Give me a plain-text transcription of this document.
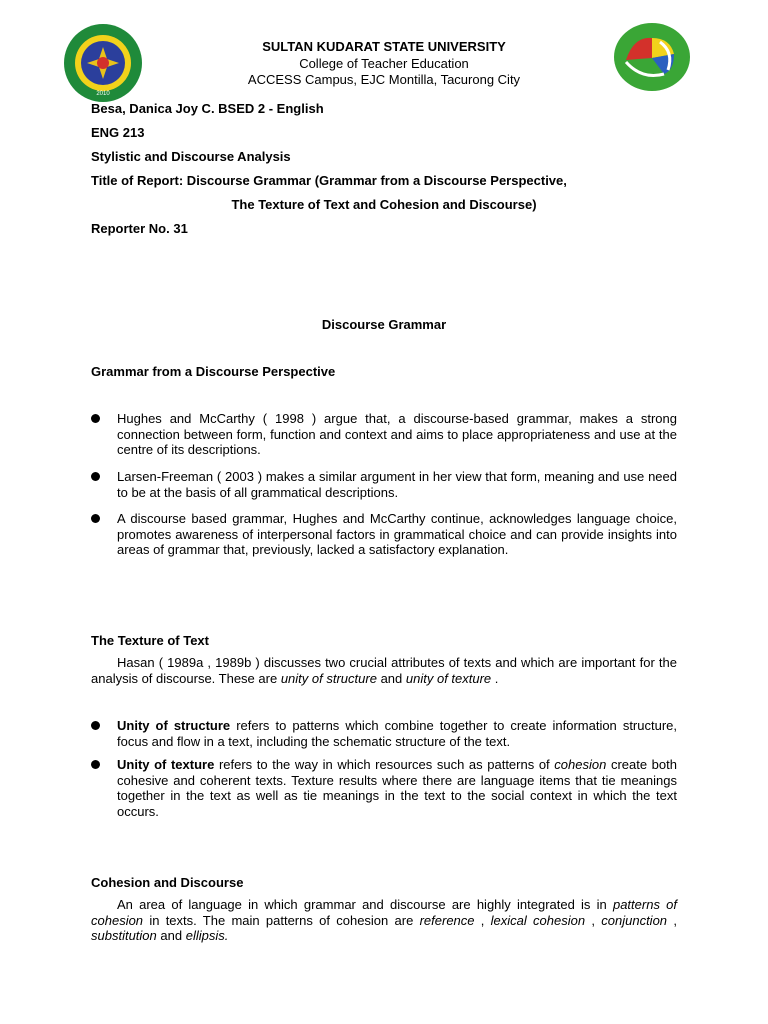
2010
SULTAN KUDARAT STATE UNIVERSITY
College of Teacher Education
ACCESS Campus, EJC Montilla, Tacurong City
Besa, Danica Joy C. BSED 2 - English
ENG 213
Stylistic and Discourse Analysis
Title of Report: Discourse Grammar (Grammar from a Discourse Perspective,
The Texture of Text and Cohesion and Discourse)
Reporter No. 31
Discourse Grammar
Grammar from a Discourse Perspective
Hughes and McCarthy ( 1998 ) argue that, a discourse-based grammar, makes a strong connection between form, function and context and aims to place appropriateness and use at the centre of its descriptions.
Larsen-Freeman ( 2003 ) makes a similar argument in her view that form, meaning and use need to be at the basis of all grammatical descriptions.
A discourse based grammar, Hughes and McCarthy continue, acknowledges language choice, promotes awareness of interpersonal factors in grammatical choice and can provide insights into areas of grammar that, previously, lacked a satisfactory explanation.
The Texture of Text
Hasan ( 1989a , 1989b ) discusses two crucial attributes of texts and which are important for the analysis of discourse. These are unity of structure and unity of texture .
Unity of structure refers to patterns which combine together to create information structure, focus and flow in a text, including the schematic structure of the text.
Unity of texture refers to the way in which resources such as patterns of cohesion create both cohesive and coherent texts. Texture results where there are language items that tie meanings together in the text as well as tie meanings in the text to the social context in which the text occurs.
Cohesion and Discourse
An area of language in which grammar and discourse are highly integrated is in patterns of cohesion in texts. The main patterns of cohesion are reference , lexical cohesion , conjunction , substitution and ellipsis.
